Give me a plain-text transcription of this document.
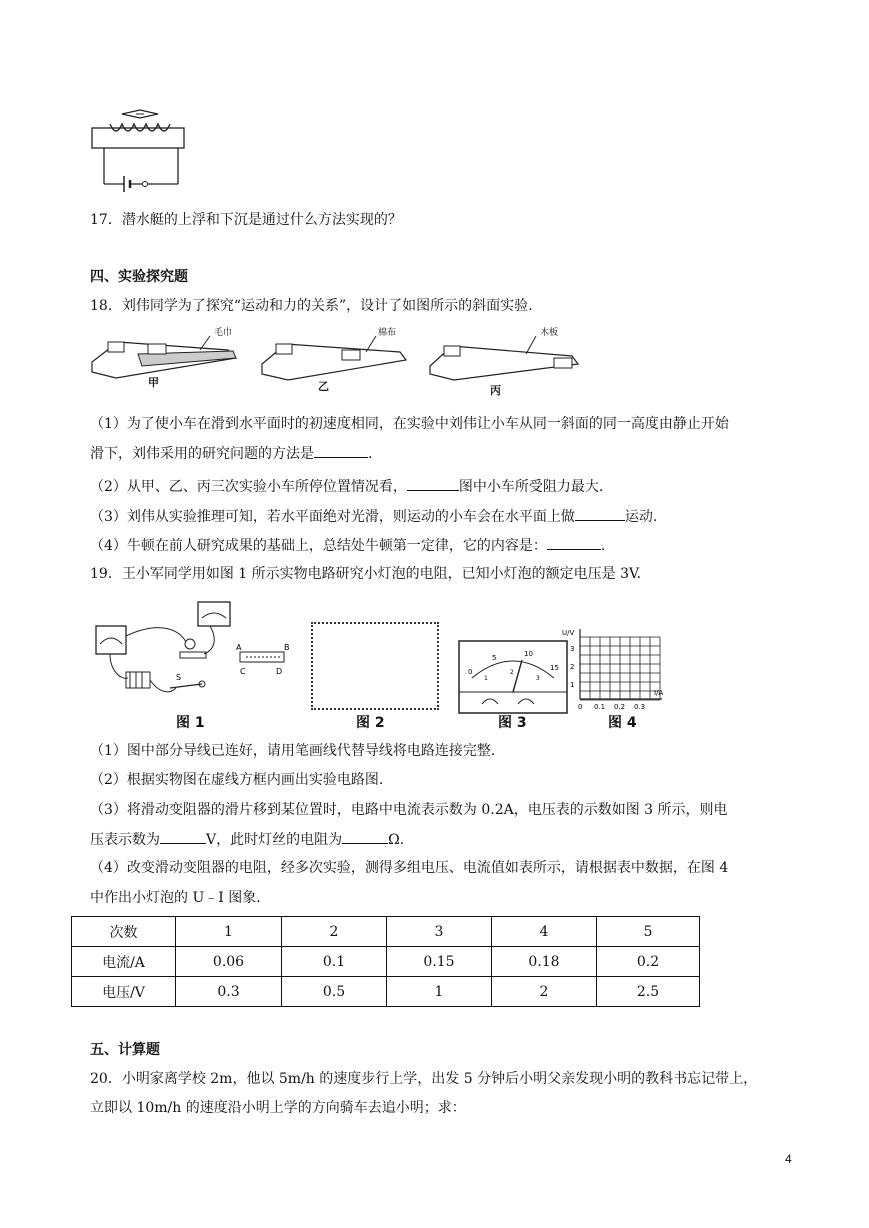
17．潜水艇的上浮和下沉是通过什么方法实现的？
四、实验探究题
18．刘伟同学为了探究“运动和力的关系”，设计了如图所示的斜面实验.
毛巾	棉布	木板
甲	乙	丙
（1）为了使小车在滑到水平面时的初速度相同，在实验中刘伟让小车从同一斜面的同一高度由静止开始
滑下，刘伟采用的研究问题的方法是	.
（2）从甲、乙、丙三次实验小车所停位置情况看，	图中小车所受阻力最大.
（3）刘伟从实验推理可知，若水平面绝对光滑，则运动的小车会在水平面上做	运动.
（4）牛顿在前人研究成果的基础上，总结处牛顿第一定律，它的内容是：	.
19．王小军同学用如图 1 所示实物电路研究小灯泡的电阻，已知小灯泡的额定电压是 3V.
A	B
C	D
S
0
5	10
15
1
2
3
U/V
I/A
3
2
1
0 0.1 0.2 0.3
图 1	图 2	图 3	图 4
（1）图中部分导线已连好，请用笔画线代替导线将电路连接完整.
（2）根据实物图在虚线方框内画出实验电路图.
（3）将滑动变阻器的滑片移到某位置时，电路中电流表示数为 0.2A，电压表的示数如图 3 所示，则电
压表示数为	V，此时灯丝的电阻为	Ω.
（4）改变滑动变阻器的电阻，经多次实验，测得多组电压、电流值如表所示，请根据表中数据，在图 4
中作出小灯泡的 U﹣I 图象.
次数	1	2	3	4	5
电流/A	0.06	0.1	0.15	0.18	0.2
电压/V	0.3	0.5	1	2	2.5
五、计算题
20．小明家离学校 2m，他以 5m/h 的速度步行上学，出发 5 分钟后小明父亲发现小明的教科书忘记带上，
立即以 10m/h 的速度沿小明上学的方向骑车去追小明；求：
4
